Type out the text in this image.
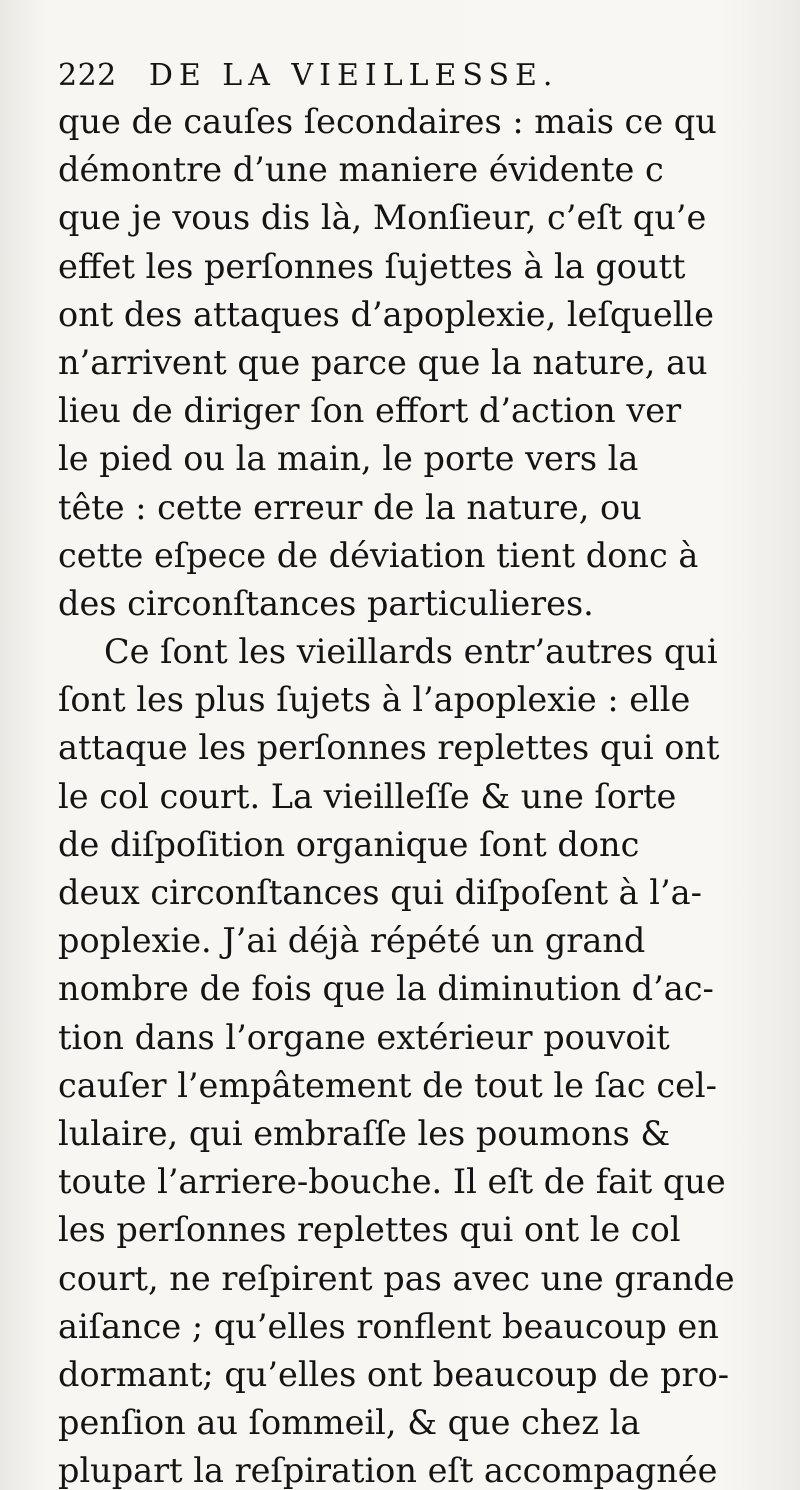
222 DE LA VIEILLESSE.
que de cauſes ſecondaires : mais ce qu
démontre d’une maniere évidente c
que je vous dis là, Monſieur, c’eſt qu’e
effet les perſonnes ſujettes à la goutt
ont des attaques d’apoplexie, leſquelle
n’arrivent que parce que la nature, au
lieu de diriger ſon effort d’action ver
le pied ou la main, le porte vers la
tête : cette erreur de la nature, ou
cette eſpece de déviation tient donc à
des circonſtances particulieres.
Ce ſont les vieillards entr’autres qui
ſont les plus ſujets à l’apoplexie : elle
attaque les perſonnes replettes qui ont
le col court. La vieilleſſe & une ſorte
de diſpoſition organique ſont donc
deux circonſtances qui diſpoſent à l’a-
poplexie. J’ai déjà répété un grand
nombre de fois que la diminution d’ac-
tion dans l’organe extérieur pouvoit
cauſer l’empâtement de tout le ſac cel-
lulaire, qui embraſſe les poumons &
toute l’arriere-bouche. Il eſt de fait que
les perſonnes replettes qui ont le col
court, ne reſpirent pas avec une grande
aiſance ; qu’elles ronflent beaucoup en
dormant; qu’elles ont beaucoup de pro-
penſion au ſommeil, & que chez la
plupart la reſpiration eſt accompagnée
